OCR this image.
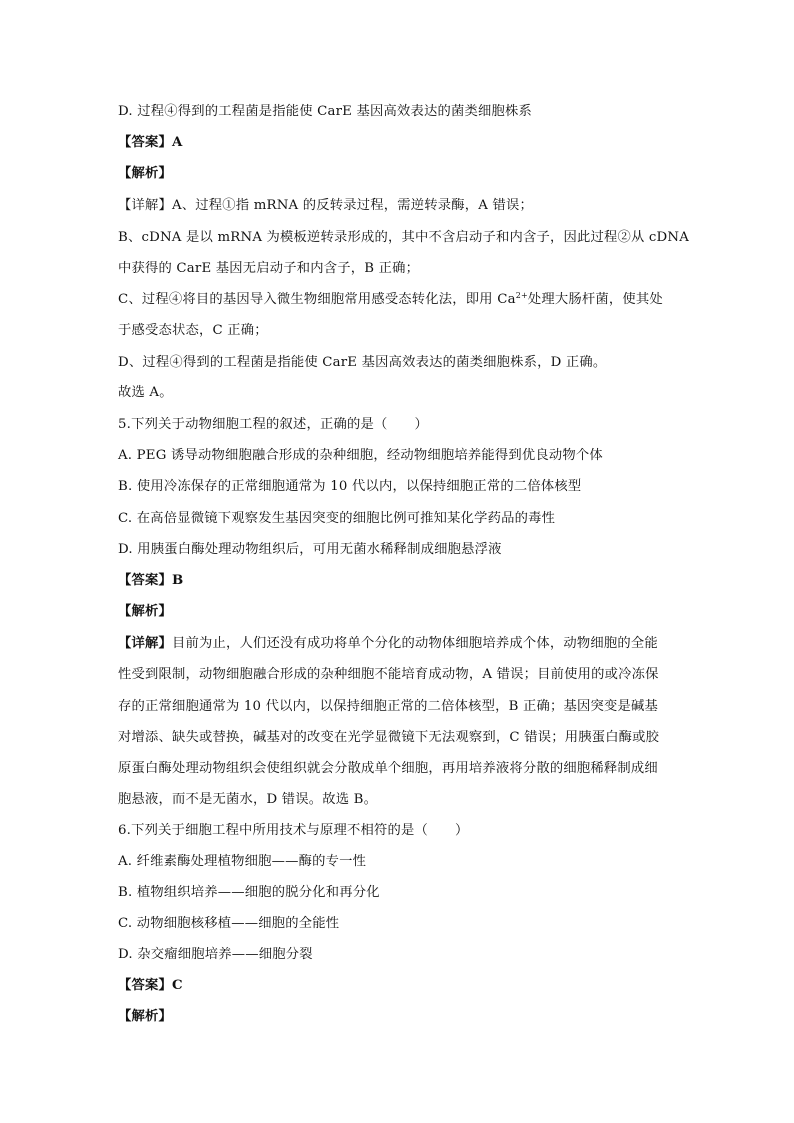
D. 过程④得到的工程菌是指能使 CarE 基因高效表达的菌类细胞株系
【答案】A
【解析】
【详解】A、过程①指 mRNA 的反转录过程，需逆转录酶，A 错误；
B、cDNA 是以 mRNA 为模板逆转录形成的，其中不含启动子和内含子，因此过程②从 cDNA
中获得的 CarE 基因无启动子和内含子，B 正确；
C、过程④将目的基因导入微生物细胞常用感受态转化法，即用 $Ca^{2+}$处理大肠杆菌，使其处
于感受态状态，C 正确；
D、过程④得到的工程菌是指能使 CarE 基因高效表达的菌类细胞株系，D 正确。
故选 A。
5.下列关于动物细胞工程的叙述，正确的是（　　）
A. PEG 诱导动物细胞融合形成的杂种细胞，经动物细胞培养能得到优良动物个体
B. 使用冷冻保存的正常细胞通常为 10 代以内，以保持细胞正常的二倍体核型
C. 在高倍显微镜下观察发生基因突变的细胞比例可推知某化学药品的毒性
D. 用胰蛋白酶处理动物组织后，可用无菌水稀释制成细胞悬浮液
【答案】B
【解析】
【详解】目前为止，人们还没有成功将单个分化的动物体细胞培养成个体，动物细胞的全能
性受到限制，动物细胞融合形成的杂种细胞不能培育成动物，A 错误；目前使用的或冷冻保
存的正常细胞通常为 10 代以内，以保持细胞正常的二倍体核型，B 正确；基因突变是碱基
对增添、缺失或替换，碱基对的改变在光学显微镜下无法观察到，C 错误；用胰蛋白酶或胶
原蛋白酶处理动物组织会使组织就会分散成单个细胞，再用培养液将分散的细胞稀释制成细
胞悬液，而不是无菌水，D 错误。故选 B。
6.下列关于细胞工程中所用技术与原理不相符的是（　　）
A. 纤维素酶处理植物细胞——酶的专一性
B. 植物组织培养——细胞的脱分化和再分化
C. 动物细胞核移植——细胞的全能性
D. 杂交瘤细胞培养——细胞分裂
【答案】C
【解析】
